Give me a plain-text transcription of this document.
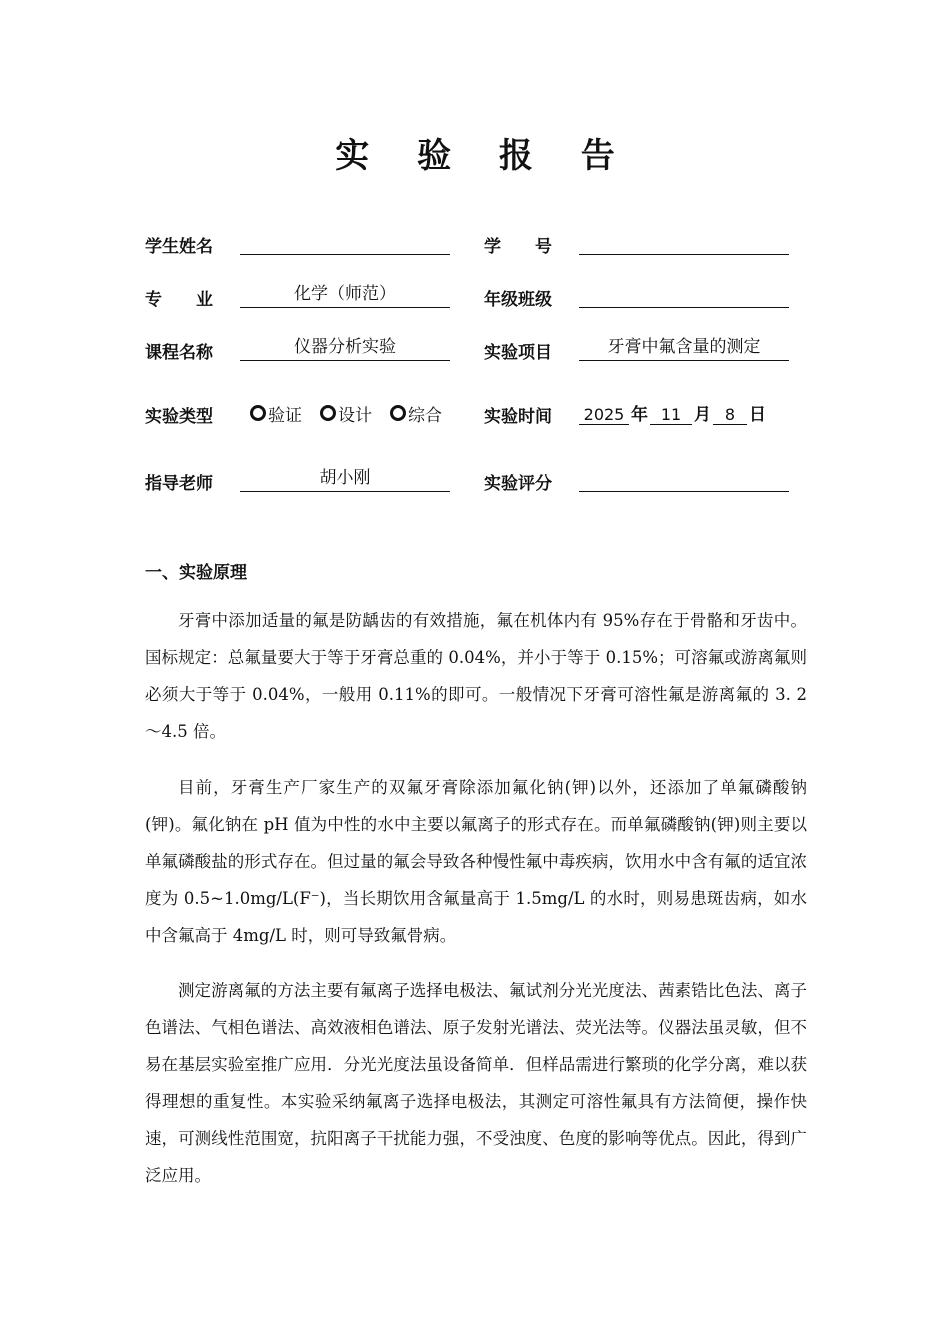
实 验 报 告
学生姓名	学　　号
专　　业	化学（师范）	年级班级
课程名称	仪器分析实验	实验项目	牙膏中氟含量的测定
实验类型	验证 设计 综合 实验时间 2025 年 11 月 8 日
指导老师	胡小刚	实验评分
一、实验原理

牙膏中添加适量的氟是防龋齿的有效措施，氟在机体内有 95%存在于骨骼和牙齿中。国标规定：总氟量要大于等于牙膏总重的 0.04%，并小于等于 0.15%；可溶氟或游离氟则必须大于等于 0.04%，一般用 0.11%的即可。一般情况下牙膏可溶性氟是游离氟的 3. 2～4.5 倍。

目前，牙膏生产厂家生产的双氟牙膏除添加氟化钠(钾)以外，还添加了单氟磷酸钠(钾)。氟化钠在 pH 值为中性的水中主要以氟离子的形式存在。而单氟磷酸钠(钾)则主要以单氟磷酸盐的形式存在。但过量的氟会导致各种慢性氟中毒疾病，饮用水中含有氟的适宜浓度为 0.5~1.0mg/L(F⁻)，当长期饮用含氟量高于 1.5mg/L 的水时，则易患斑齿病，如水中含氟高于 4mg/L 时，则可导致氟骨病。

测定游离氟的方法主要有氟离子选择电极法、氟试剂分光光度法、茜素锆比色法、离子色谱法、气相色谱法、高效液相色谱法、原子发射光谱法、荧光法等。仪器法虽灵敏，但不易在基层实验室推广应用．分光光度法虽设备简单．但样品需进行繁琐的化学分离，难以获得理想的重复性。本实验采纳氟离子选择电极法，其测定可溶性氟具有方法简便，操作快速，可测线性范围宽，抗阳离子干扰能力强，不受浊度、色度的影响等优点。因此，得到广泛应用。
